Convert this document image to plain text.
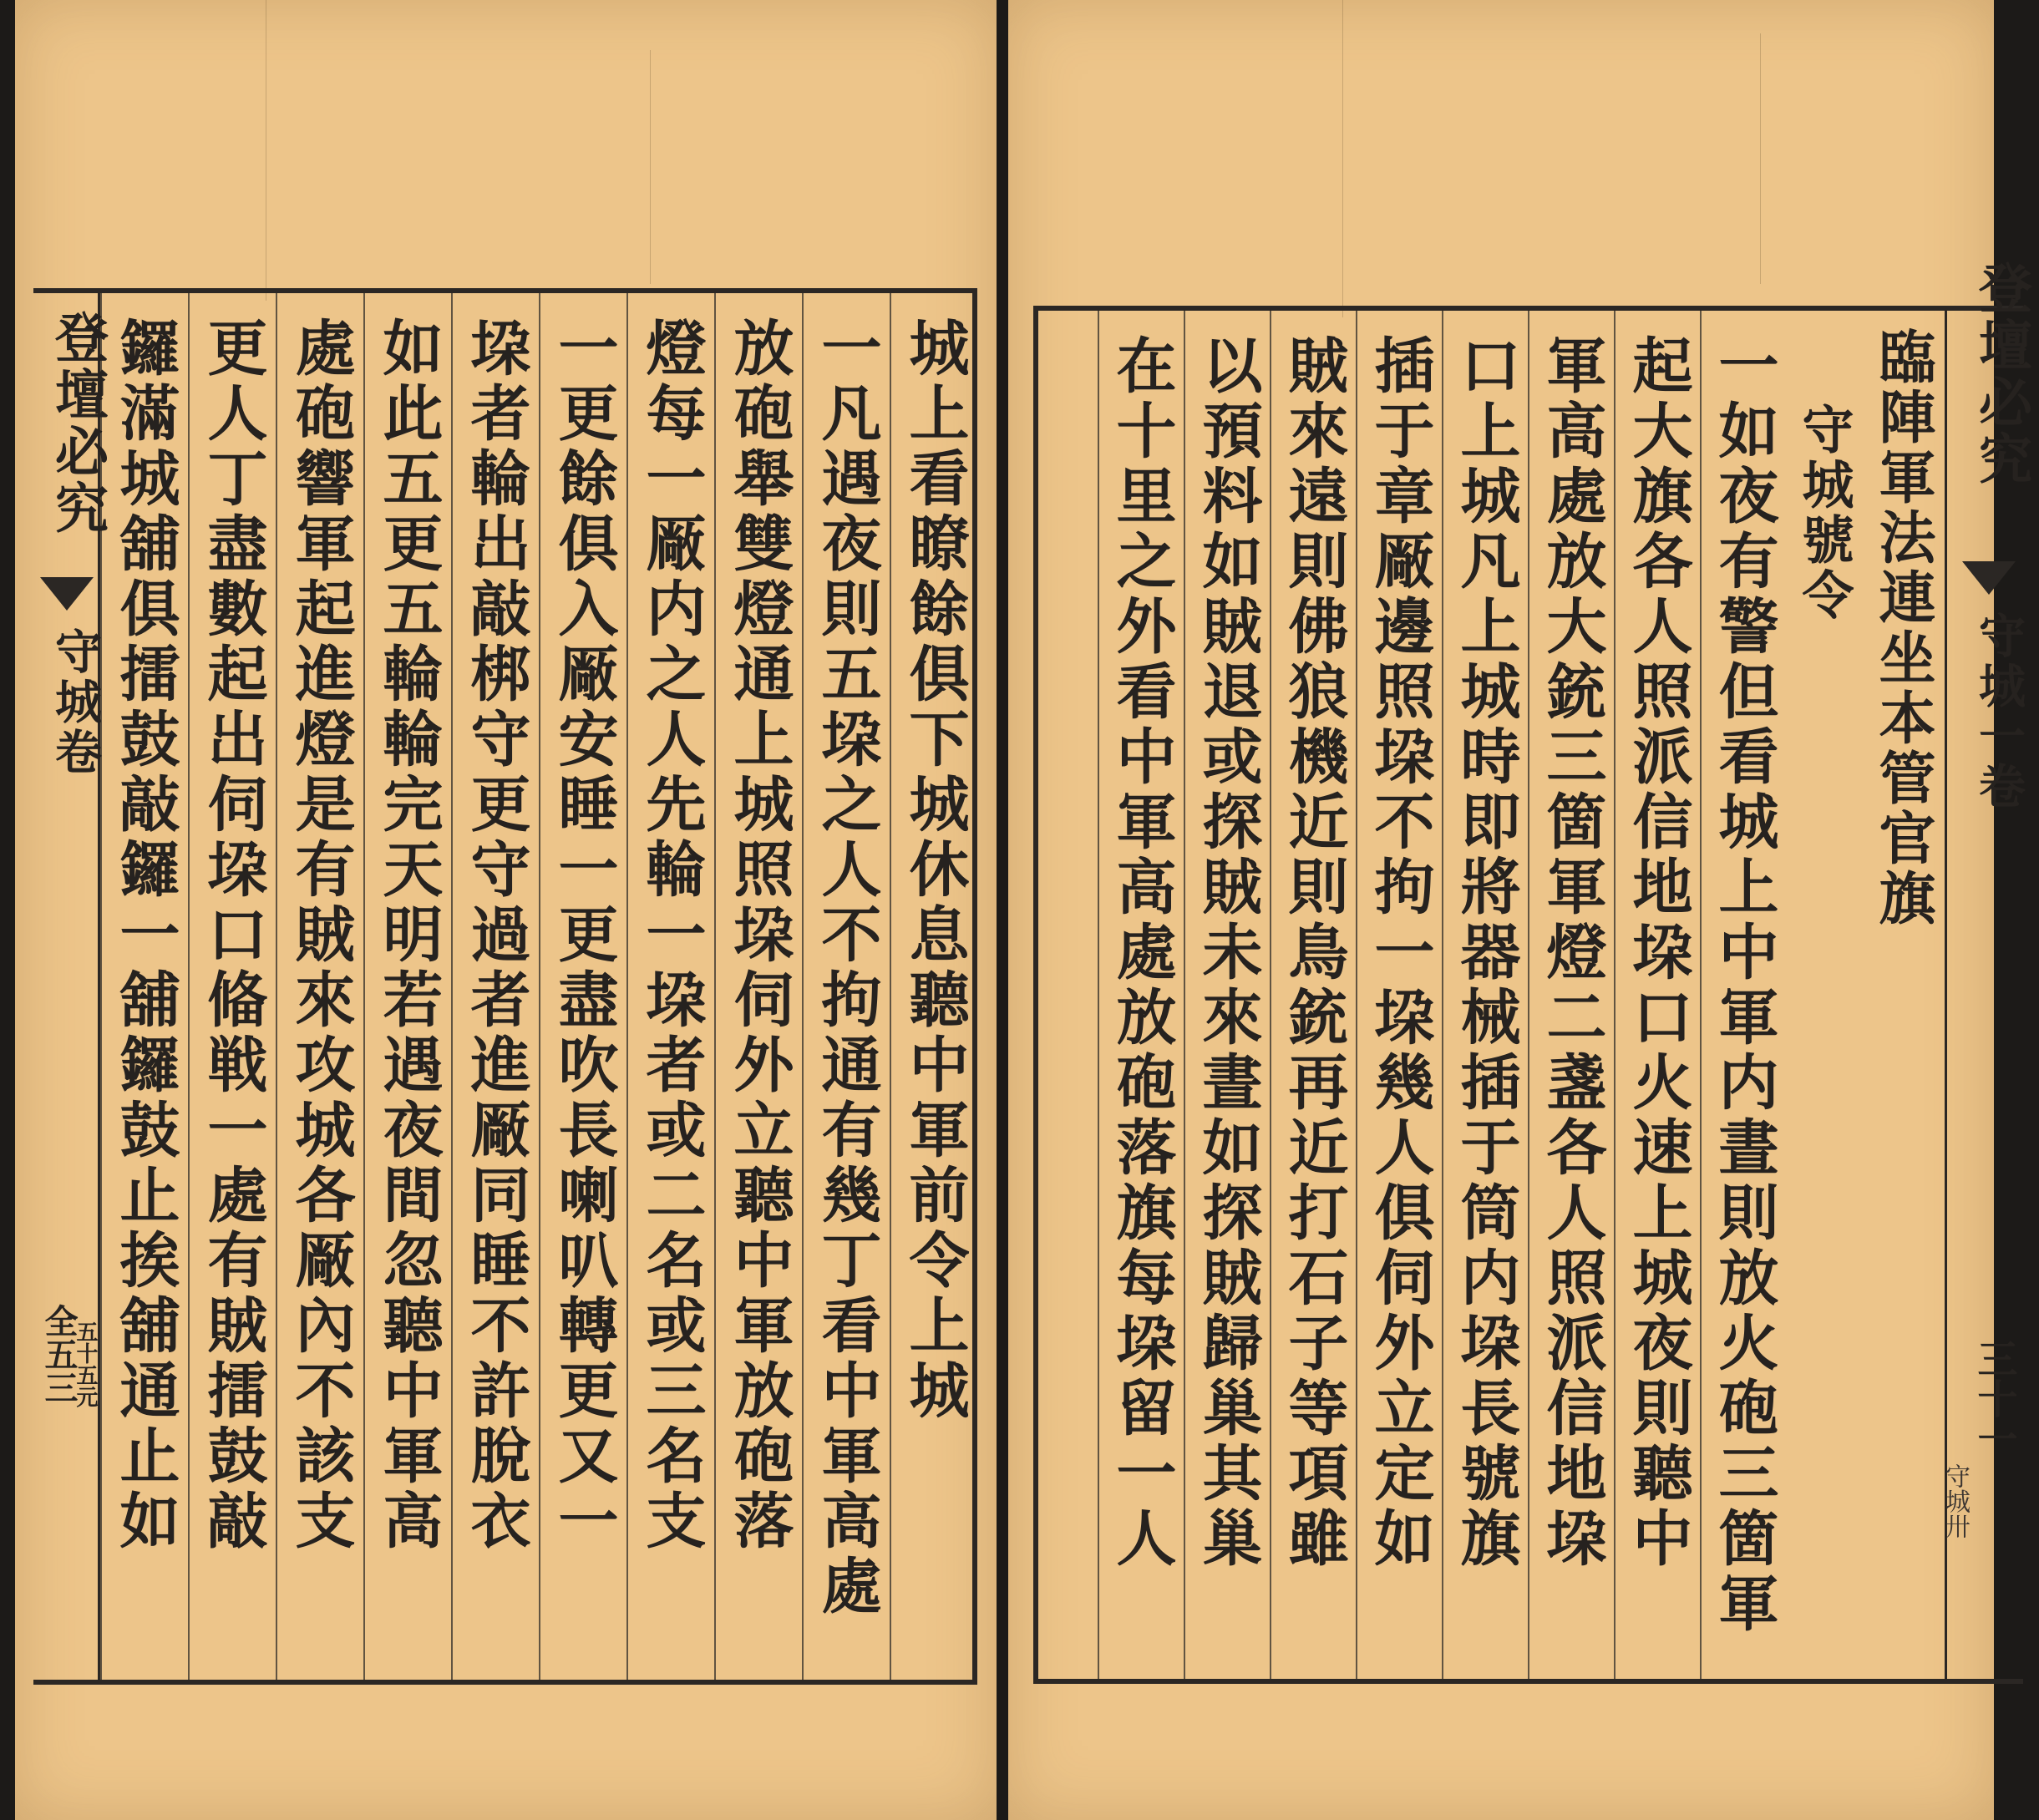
城上看瞭餘俱下城休息聽中軍前令上城
一凡遇夜則五垜之人不拘通有幾丁看中軍高處
放砲舉雙燈通上城照垜伺外立聽中軍放砲落
燈每一厰内之人先輪一垜者或二名或三名支
一更餘俱入厰安睡一更盡吹長喇叭轉更又一
垜者輪出敲梆守更守過者進厰同睡不許脫衣
如此五更五輪輪完天明若遇夜間忽聽中軍高
處砲響軍起進燈是有賊來攻城各厰內不該支
更人丁盡數起出伺垜口偹戦一處有賊擂鼓敲
鑼滿城舖俱擂鼓敲鑼一舖鑼鼓止挨舖通止如
登壇必究
守城卷
全五三
五十五元
登壇必究
守城一卷
三十一
守城卅
臨陣軍法連坐本管官旗
守城號令
一如夜有警但看城上中軍内晝則放火砲三箇軍
起大旗各人照派信地垜口火速上城夜則聽中
軍高處放大銃三箇軍燈二盞各人照派信地垜
口上城凡上城時即將器械插于筒内垜長號旗
插于章厰邊照垜不拘一垜幾人俱伺外立定如
賊來遠則佛狼機近則鳥銃再近打石子等項雖
以預料如賊退或探賊未來晝如探賊歸巢其巢
在十里之外看中軍高處放砲落旗每垜留一人
